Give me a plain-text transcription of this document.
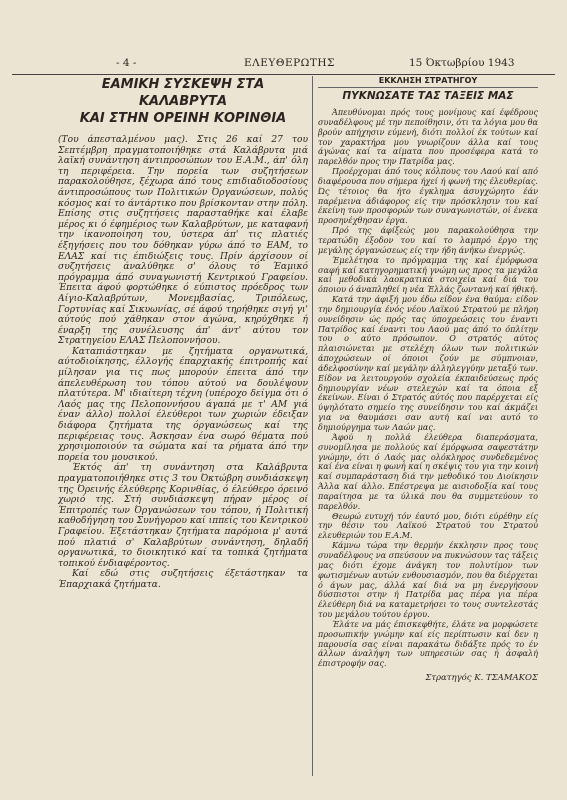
- 4 -	ΕΛΕΥΘΕΡΩΤΗΣ	15 Όκτωβρίου 1943
ΕΑΜΙΚΗ ΣΥΣΚΕΨΗ ΣΤΑ ΚΑΛΑΒΡΥΤΑ
ΚΑΙ ΣΤΗΝ ΟΡΕΙΝΗ ΚΟΡΙΝΘΙΑ

(Του άπεσταλμένου μας). Στις 26 καί 27 του Σεπτέμβρη πραγματοποιήθηκε στά Καλάβρυτα μιά λαϊκή συνάντηση άντιπροσώπων του Ε.Α.Μ., άπ' όλη τη περιφέρεια. Την πορεία των συζητήσεων παρακολούθησε, ξέχωρα άπό τους επιδιαδιοδοσίους άντιπροσώπους των Πολιτικών Όργανώσεων, πολύς κόσμος καί το άντάρτικο που βρίσκονταν στην πόλη. Επίσης στις συζητήσεις παρασταθήκε καί έλαβε μέρος κι ό έφημέριος των Καλαβρύτων, με καταφανή την ίκανοποίηση του, ύστερα άπ' τις πλατιές έξηγήσεις που του δόθηκαν γύρω άπό το ΕΑΜ, το ΕΛΑΣ καί τις έπιδιώξεις τους. Πρίν άρχίσουν οί συζητήσεις άναλύθηκε σ' όλους τό Έαμικό πρόγραμμα άπό συναγωνιστή Κεντρικού Γραφείου. Έπειτα άφού φορτώθηκε ό εύπιστος πρόεδρος των Αίγιο-Καλαβρύτων, Μονεμβασίας, Τριπόλεως, Γορτυνίας καί Σικυωνίας, σέ άφού τηρήθηκε σιγή γι' αύτούς πού χάθηκαν στον άγώνα, κηρύχθηκε ή έναρξη της συνέλευσης άπ' άντ' αύτου τον Στρατηγείου ΕΛΑΣ Πελοποννήσου.

Καταπιάστηκαν με ζητήματα οργανωτικά, αύτοδιοίκησης, έλλογής έπαρχιακής έπιτροπής καί μίλησαν για τις πως μπορούν έπειτα άπό την άπελευθέρωση του τόπου αύτού να δουλέψουν πλατύτερα. Μ' ιδιαίτερη τέχνη (υπέροχο δείγμα ότι ό Λαός μας της Πελοποννήσου άγαπά με τ' ΑΜ γιά έναν άλλο) πολλοί έλεύθεροι των χωριών έδειξαν διάφορα ζητήματα της όργανώσεως καί της περιφέρειας τους. Άσκησαν ένα σωρό θέματα πού χρησιμοποιούν τα σώματα καί τα ρήματα άπό την πορεία του μουσικού.

Έκτός άπ' τη συνάντηση στα Καλάβρυτα πραγματοποιήθηκε στις 3 του Όκτώβρη συνδιάσκεψη της Όρεινής έλεύθερης Κορινθίας, ό έλεύθερο όρεινό χωριό της. Στή συνδιάσκεψη πήραν μέρος οί Έπιτροπές των Όργανώσεων του τόπου, ή Πολιτική καθοδήγηση του Συνήγορου καί ιππείς του Κεντρικού Γραφείου. Έξετάστηκαν ζητήματα παρόμοια μ' αυτά πού πλατιά σ' Καλαβρύτων συνάντηση, δηλαδή οργανωτικά, το διοικητικό καί τα τοπικά ζητήματα τοπικού ένδιαφέροντος.

Καί εδώ στις συζητήσεις έξετάστηκαν τα Έπαρχιακά ζητήματα.

ΕΚΚΛΗΣΗ ΣΤΡΑΤΗΓΟΥ
ΠΥΚΝΩΣΑΤΕ ΤΑΣ ΤΑΞΕΙΣ ΜΑΣ

Άπευθύνομαι πρός τους μονίμους καί έφέδρους συναδέλφους μέ την πεποίθησιν, ότι τα λόγια μου θα βρούν απήχησιν εύμενή, διότι πολλοί έκ τούτων καί τον χαρακτήρα μου γνωρίζουν άλλα καί τους άγώνας καί τα αίματα που προσέφερα κατά το παρελθόν προς την Πατρίδα μας.

Προέρχομαι άπό τους κόλπους του Λαού καί από διαφέρουσα που σήμερα ήχεί ή φωνή της έλευθερίας. Ώς τέτοιος θα ήτο έγκλημα άσυγχώρητο έάν παρέμεινα άδιάφορος είς την πρόσκλησιν του καί έκείνη των προσφορών των συναγωνιστών, οί ένεκα προσηνέχθησαν έργα.

Πρό της άφίξεώς μου παρακολούθησα την τερατώδη έξοδον του καί το λαμπρό έργο της μεγάλης όργανώσεως είς την ήδη άνήκω ένεργώς.

Έμελέτησα το πρόγραμμα της καί έμόρφωσα σαφή καί κατηγορηματική γνώμη ως προς τα μεγάλα καί μεθοδικά λαοκρατικά στοιχεία καί διά του όποιου ό άναπληθεί η νέα Έλλάς ζωντανή καί ήθική.

Κατά την άφιξή μου έδω είδον ένα θαύμα: είδον την δημιουργία ένός νέου Λαϊκού Στρατού με πλήρη ουνείδησιν ώς πρός τας ύποχρεώσεις του έναντι Πατρίδος καί έναντι του Λαού μας άπό το όπλίτην του ο αύτο πρόσωπον. Ο στρατός αύτος πλαισιώνεται με στελέχη όλων των πολιτικών άποχρώσεων οί όποιοι ζούν με σύμπνοιαν, άδελφοσύνην καί μεγάλην άλληλεγγύην μεταξύ των. Είδον να λειτουργούν σχολεία έκπαιδεύσεως πρός δημιουργίαν νέων στελεχών καί τα όποια εξ έκείνων. Είναι ό Στρατός αύτός που παρέρχεται είς ύψηλότατο σημείο της συνείδησιν του καί άκμάζει για να θαυμάσει σαν αυτή καί ναι αυτό το δημιούργημα των Λαών μας.

Άφού η πολλά έλεύθερα διαπεράσματα, συνομίλησα με πολλούς καί έμόρφωσα σαφεστάτην γνώμην, ότι ό Λαός μας ολόκληρος συνδεδεμένος καί ένα είναι η φωνή καί η σκέψις του για την κοινή καί συμπαράσταση διά την μεθοδικό του Διοίκησιν Άλλα καί άλλο. Επέστρεψα με αισιοδοξία καί τους παραίτησα με τα ύλικά που θα συμμετεύουν το παρελθόν.

Θεωρώ ευτυχή τόν έαυτό μου, διότι εύρέθην είς την θέσιν του Λαϊκού Στρατού του Στρατού ελευθεριών του Ε.Α.Μ.

Κάμνω τώρα την θερμήν έκκλησιν προς τους συναδέλφους να σπεύσουν να πυκνώσουν τας τάξεις μας διότι έχομε άνάγκη τον πολυτίμον των φωτισμένων αυτών ενθουσιασμόν, που θα διέρχεται ό άγων μας, άλλά καί διά να μη ένεργήσουν δύσπιστοι στην ή Πατρίδα μας πέρα για πέρα έλεύθερη διά να καταμετρήσει το τους συντελεστάς του μεγάλου τούτου έργου.

Έλάτε να μάς έπισκεφθήτε, έλάτε να μορφώσετε προσωπικήν γνώμην καί είς περίπτωσιν καί δεν η παρουσία σας είναι παρακάτω διδάξτε πρός το έν άλλων άναλήψη των υπηρεσιών σας ή άσφαλή έπιστροφήν σας.

Στρατηγός Κ. ΤΣΑΜΑΚΟΣ
